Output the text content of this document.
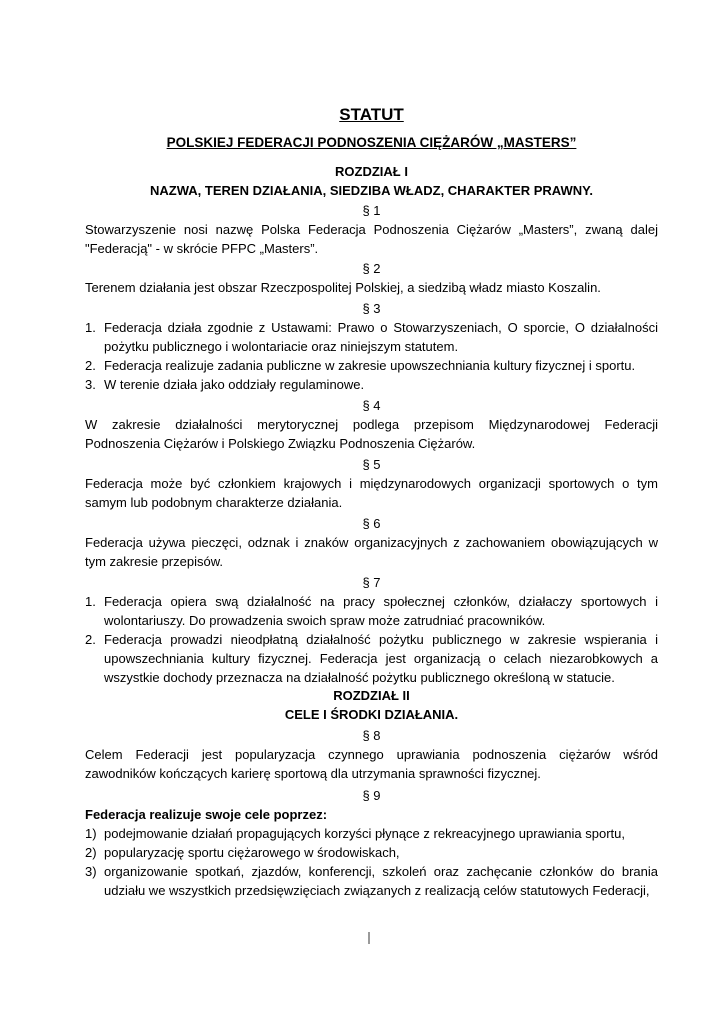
STATUT
POLSKIEJ FEDERACJI PODNOSZENIA CIĘŻARÓW „MASTERS”
ROZDZIAŁ I
NAZWA, TEREN DZIAŁANIA, SIEDZIBA WŁADZ, CHARAKTER PRAWNY.
§ 1
Stowarzyszenie nosi nazwę Polska Federacja Podnoszenia Ciężarów „Masters”, zwaną dalej "Federacją" - w skrócie PFPC „Masters”.
§ 2
Terenem działania jest obszar Rzeczpospolitej Polskiej, a siedzibą władz miasto Koszalin.
§ 3
1. Federacja działa zgodnie z Ustawami: Prawo o Stowarzyszeniach, O sporcie, O działalności pożytku publicznego i wolontariacie oraz niniejszym statutem.
2. Federacja realizuje zadania publiczne w zakresie upowszechniania kultury fizycznej i sportu.
3. W terenie działa jako oddziały regulaminowe.
§ 4
W zakresie działalności merytorycznej podlega przepisom Międzynarodowej Federacji Podnoszenia Ciężarów i Polskiego Związku Podnoszenia Ciężarów.
§ 5
Federacja może być członkiem krajowych i międzynarodowych organizacji sportowych o tym samym lub podobnym charakterze działania.
§ 6
Federacja używa pieczęci, odznak i znaków organizacyjnych z zachowaniem obowiązujących w tym zakresie przepisów.
§ 7
1. Federacja opiera swą działalność na pracy społecznej członków, działaczy sportowych i wolontariuszy. Do prowadzenia swoich spraw może zatrudniać pracowników.
2. Federacja prowadzi nieodpłatną działalność pożytku publicznego w zakresie wspierania i upowszechniania kultury fizycznej. Federacja jest organizacją o celach niezarobkowych a wszystkie dochody przeznacza na działalność pożytku publicznego określoną w statucie.
ROZDZIAŁ II
CELE I ŚRODKI DZIAŁANIA.
§ 8
Celem Federacji jest popularyzacja czynnego uprawiania podnoszenia ciężarów wśród zawodników kończących karierę sportową dla utrzymania sprawności fizycznej.
§ 9
Federacja realizuje swoje cele poprzez:
1) podejmowanie działań propagujących korzyści płynące z rekreacyjnego uprawiania sportu,
2) popularyzację sportu ciężarowego w środowiskach,
3) organizowanie spotkań, zjazdów, konferencji, szkoleń oraz zachęcanie członków do brania udziału we wszystkich przedsięwzięciach związanych z realizacją celów statutowych Federacji,
